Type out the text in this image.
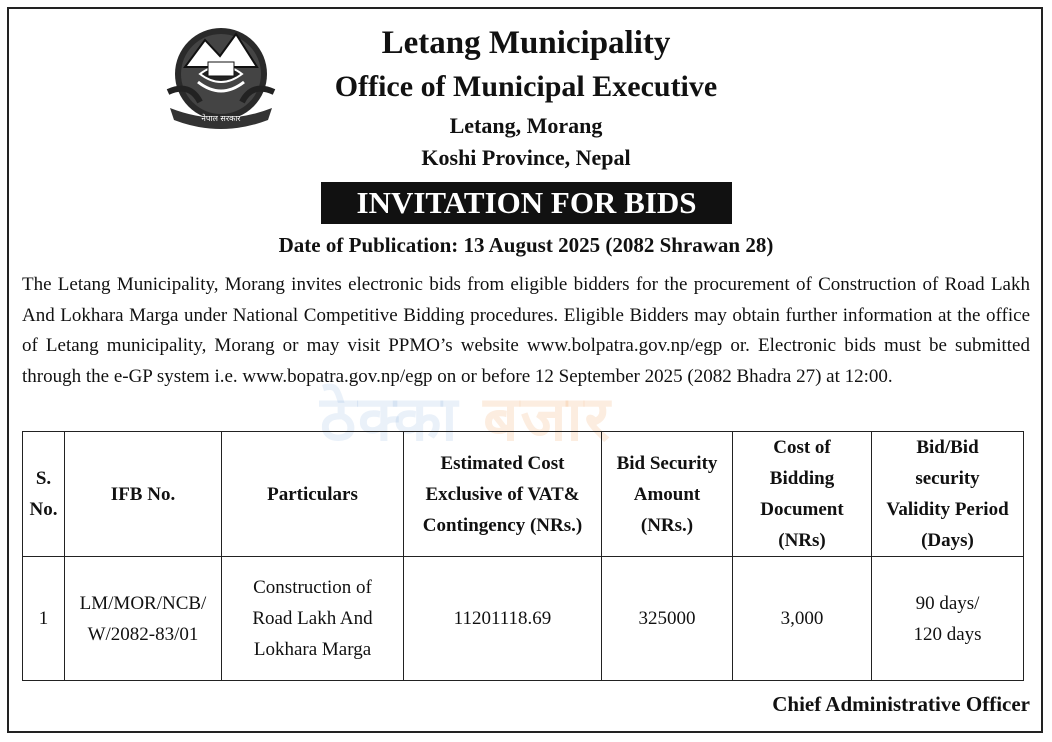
नेपाल सरकार
ठेक्का बजार
Letang Municipality
Office of Municipal Executive
Letang, Morang
Koshi Province, Nepal
INVITATION FOR BIDS
Date of Publication: 13 August 2025 (2082 Shrawan 28)

The Letang Municipality, Morang invites electronic bids from eligible bidders for the procurement of Construction of Road Lakh And Lokhara Marga under National Competitive Bidding procedures. Eligible Bidders may obtain further information at the office of Letang municipality, Morang or may visit PPMO’s website www.bolpatra.gov.np/egp or. Electronic bids must be submitted through the e-GP system i.e. www.bopatra.gov.np/egp on or before 12 September 2025 (2082 Bhadra 27) at 12:00.

S.
No.	IFB No.	Particulars	Estimated Cost
Exclusive of VAT&
Contingency (NRs.)	Bid Security
Amount
(NRs.)	Cost of
Bidding
Document
(NRs)	Bid/Bid
security
Validity Period
(Days)
1	LM/MOR/NCB/
W/2082-83/01	Construction of
Road Lakh And
Lokhara Marga	11201118.69	325000	3,000	90 days/
120 days
Chief Administrative Officer
